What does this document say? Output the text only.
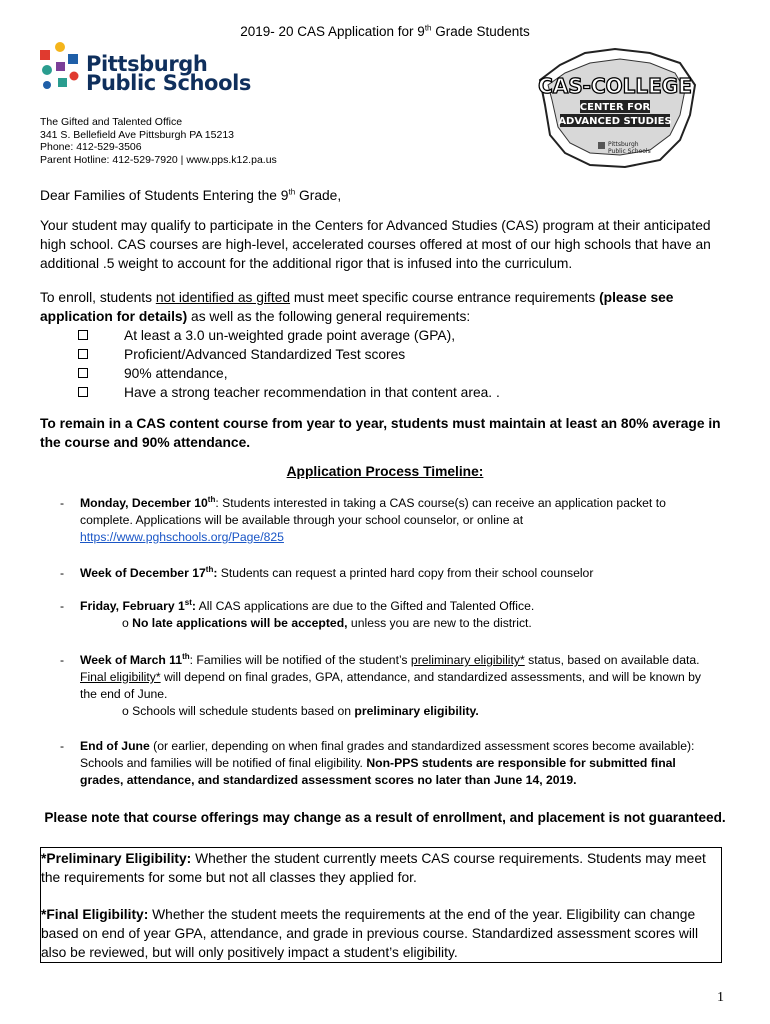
2019- 20 CAS Application for 9th Grade Students
Pittsburgh
Public Schools
The Gifted and Talented Office
341 S. Bellefield Ave Pittsburgh PA 15213
Phone: 412-529-3506
Parent Hotline: 412-529-7920 | www.pps.k12.pa.us
CAS-COLLEGE
CENTER FOR
ADVANCED STUDIES
Pittsburgh
Public Schools
Dear Families of Students Entering the 9th Grade,
Your student may qualify to participate in the Centers for Advanced Studies (CAS) program at their anticipated high school. CAS courses are high-level, accelerated courses offered at most of our high schools that have an additional .5 weight to account for the additional rigor that is infused into the curriculum.
To enroll, students not identified as gifted must meet specific course entrance requirements (please see application for details) as well as the following general requirements:
At least a 3.0 un-weighted grade point average (GPA),
Proficient/Advanced Standardized Test scores
90% attendance,
Have a strong teacher recommendation in that content area. .
To remain in a CAS content course from year to year, students must maintain at least an 80% average in the course and 90% attendance.
Application Process Timeline:
- Monday, December 10th: Students interested in taking a CAS course(s) can receive an application packet to complete. Applications will be available through your school counselor, or online at
https://www.pghschools.org/Page/825
- Week of December 17th: Students can request a printed hard copy from their school counselor
- Friday, February 1st: All CAS applications are due to the Gifted and Talented Office.
o No late applications will be accepted, unless you are new to the district.
- Week of March 11th: Families will be notified of the student’s preliminary eligibility* status, based on available data. Final eligibility* will depend on final grades, GPA, attendance, and standardized assessments, and will be known by the end of June.
o Schools will schedule students based on preliminary eligibility.
- End of June (or earlier, depending on when final grades and standardized assessment scores become available): Schools and families will be notified of final eligibility. Non-PPS students are responsible for submitted final grades, attendance, and standardized assessment scores no later than June 14, 2019.
Please note that course offerings may change as a result of enrollment, and placement is not guaranteed.
*Preliminary Eligibility: Whether the student currently meets CAS course requirements. Students may meet the requirements for some but not all classes they applied for.
*Final Eligibility: Whether the student meets the requirements at the end of the year. Eligibility can change based on end of year GPA, attendance, and grade in previous course. Standardized assessment scores will also be reviewed, but will only positively impact a student’s eligibility.
1
